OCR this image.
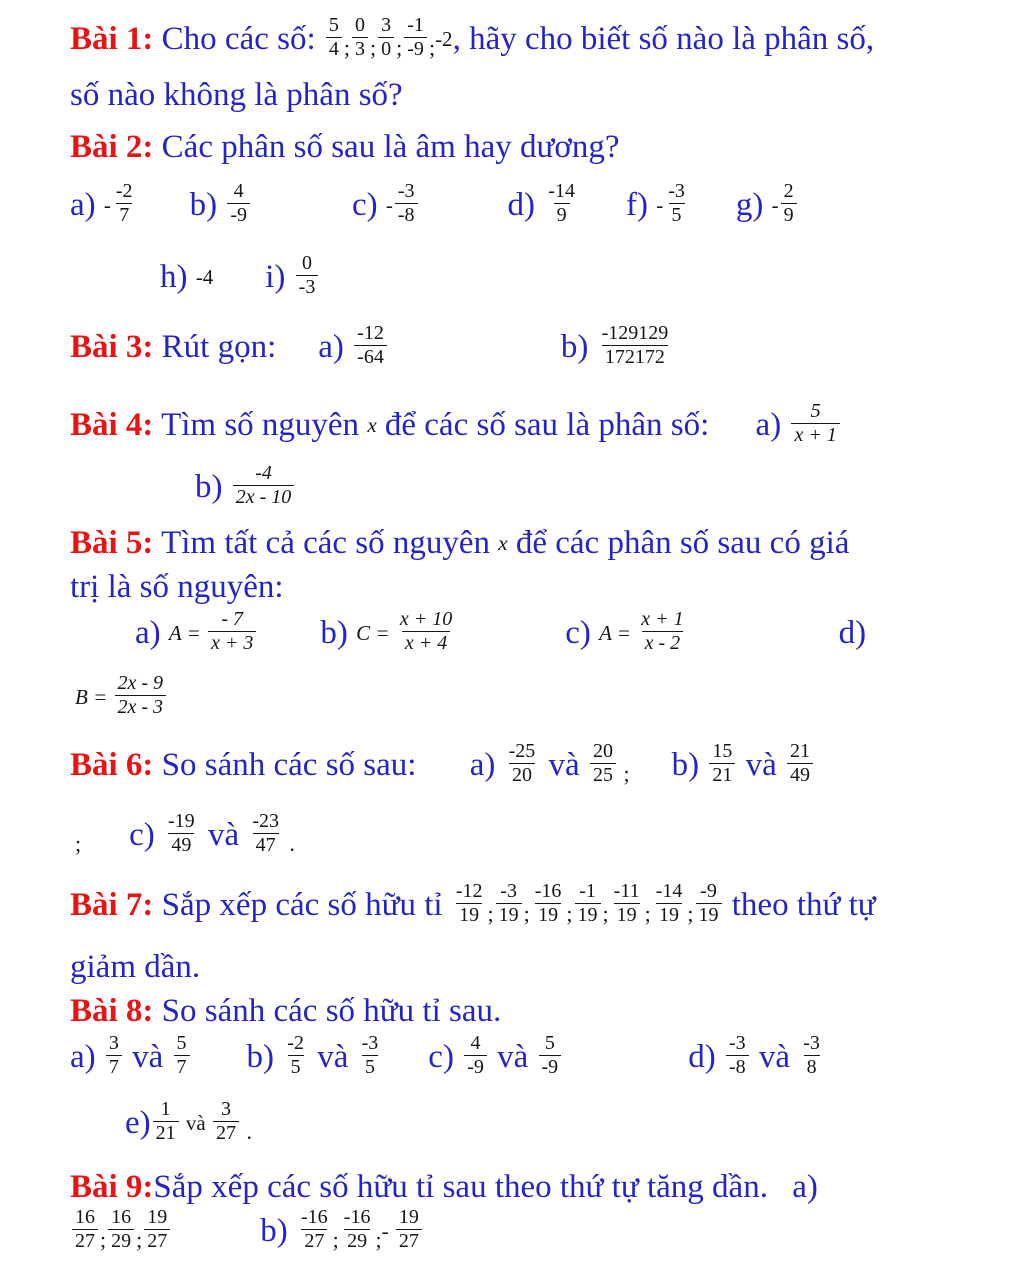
Bài 1: Cho các số: $\frac{5}{4}$ ; $\frac{0}{3}$ ; $\frac{3}{0}$ ; $\frac{-1}{-9}$ ; -2 , hãy cho biết số nào là phân số,
số nào không là phân số?
Bài 2: Các phân số sau là âm hay dương?
$a) - \frac{-2}{7} b) \frac{4}{-9}$	$c) - \frac{-3}{-8}$	$d) \frac{-14}{9} f) - \frac{-3}{5} g) - \frac{2}{9}$
h) -4 $i) \frac{0}{-3}$
Bài 3: Rút gọn: $a) \frac{-12}{-64}$	$b) \frac{-129129}{172172}$
Bài 4: Tìm số nguyên x để các số sau là phân số: $a) \frac{5}{x + 1}$
$b) \frac{-4}{2x - 10}$
Bài 5: Tìm tất cả các số nguyên x để các phân số sau có giá
trị là số nguyên:
a) $A = \frac{- 7}{x + 3} b$) $C = \frac{x + 10}{x + 4}$	c) $A = \frac{x + 1}{x - 2}$	d)
$B = \frac{2x - 9}{2x - 3}$
Bài 6: So sánh các số sau: $a) \frac{-25}{20}$ và $\frac{20}{25}$ ; $b) \frac{15}{21}$ và $\frac{21}{49}$
; $c) \frac{-19}{49}$ và $\frac{-23}{47}$ .
Bài 7: Sắp xếp các số hữu tỉ $\frac{-12}{19}$ ; $\frac{-3}{19}$ ; $\frac{-16}{19}$ ; $\frac{-1}{19}$ ; $\frac{-11}{19}$ ; $\frac{-14}{19}$ ; $\frac{-9}{19}$ theo thứ tự
giảm dần.
Bài 8: So sánh các số hữu tỉ sau.
$a) \frac{3}{7}$ và $\frac{5}{7} b) \frac{-2}{5}$ và $\frac{-3}{5} c) \frac{4}{-9}$ và $\frac{5}{-9}$	$d) \frac{-3}{-8}$ và $\frac{-3}{8}$
$e) \frac{1}{21}$ và $\frac{3}{27}$ .
Bài 9: Sắp xếp các số hữu tỉ sau theo thứ tự tăng dần. a)
$\frac{16}{27}$ ; $\frac{16}{29}$ ; $\frac{19}{27}$	$b) \frac{-16}{27}$ ; $\frac{-16}{29}$ ; - $\frac{19}{27}$
